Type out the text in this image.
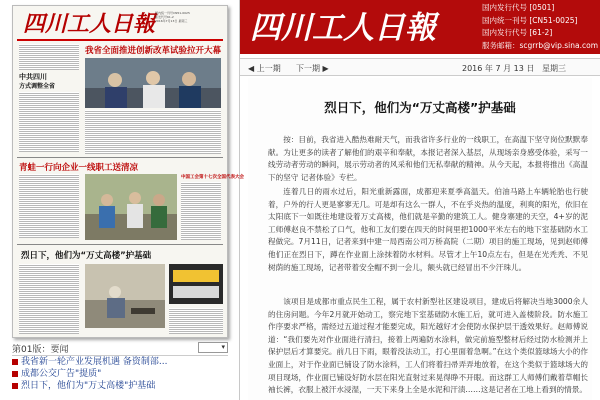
四川工人日報 国内统一刊号CN51-0025
邮发代号61-2
2016年7月13日 星期三
我省全面推进创新改革试验拉开大幕
中共四川
方式调整全省
青蛙一行向企业一线职工送清凉
中国工会第十七次全国代表大会
烈日下，他们为“万丈高楼”护基础
第01版：要闻
▾
我省新一轮产业发展机遇 备资制部...
成都公交广告"提质"
烈日下，他们为"万丈高楼"护基础
四川工人日報
国内发行代号 [0501]
国内统一刊号 [CN51-0025]
国内发行代号 [61-2]
服务邮箱：scgrrb@vip.sina.com
◀ 上一期 下一期 ▶	2016 年 7 月 13 日 星期三
烈日下，他们为“万丈高楼”护基础

按：目前，我省进入酷热难耐天气，而我省许多行业的一线职工，在高温下坚守岗位默默奉献。为让更多的读者了解他们的艰辛和奉献，本报记者深入基层，从现场亲身感受体验，采写一线劳动者劳动的瞬间，展示劳动者的风采和他们无私奉献的精神。从今天起，本报将推出《高温下的坚守 记者体验》专栏。

连着几日的雨水过后，阳光重新露面，成都迎来夏季高温天。伯油马路上车辆轮胎也行驶着，户外的行人更是寥寥无几。可是却有这么一群人，不在乎炎热的温度，利爽的阳光，依旧在太阳底下一如既往地建设着万丈高楼，他们就是辛勤的建筑工人。健身寨建的天空，4+岁的泥工师傅赵良不禁松了口气，他和工友们要在四天的时间里把1000平米左右的地下室基础防水工程做完。7月11日，记者来到中建一局西南公司万桥高院（二期）项目的施工现场，见到赵师傅他们正在烈日下，蹲在作业面上涂抹着防水材料。尽管才上午10点左右，但是在光秃秃、不见树荫的施工现场，记者带着安全帽不到一会儿，额头就已经冒出不少汗珠儿。

该项目是成都市重点民生工程，属于农村新型社区建设项目，建成后将解决当地3000余人的住房问题。今年2月就开始动工，察完地下室基础防水施工后，就可进入盖楼阶段。防水施工作序要求严格，需经过五道过程才能要完成，阳光越好才会使防水保护层干透效果好。赵师傅说道：“我们要先对作业面进行清扫，接着上两遍防水涂料，做完前施型整材后经过防水检测并上保护层后才算要完。前几日下雨，眼着没法动工，打心里面着急啊。”在这个类似篮球场大小的作业面上，对于作业面已铺设了防水涂料，工人们将着扫帚弄弄地放着，在这个类似于篮球场大的项目现场，作业面已铺设好防水层在阳光直射过来晃得睁不开眼。而这群工人师傅们戴着草帽长袖长裤，衣服上被汗水浸湿，一天下来身上全是水泥和汗渍……这是记者在工地上看到的情景。
